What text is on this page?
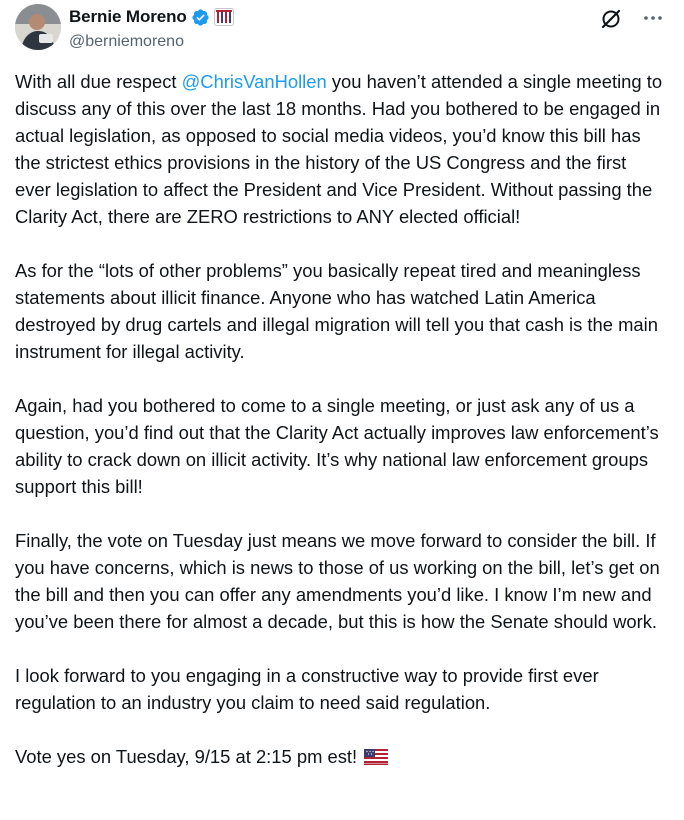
Bernie Moreno
@berniemoreno

With all due respect @ChrisVanHollen you haven’t attended a single meeting to discuss any of this over the last 18 months. Had you bothered to be engaged in actual legislation, as opposed to social media videos, you’d know this bill has the strictest ethics provisions in the history of the US Congress and the first ever legislation to affect the President and Vice President. Without passing the Clarity Act, there are ZERO restrictions to ANY elected official!

As for the “lots of other problems” you basically repeat tired and meaningless statements about illicit finance. Anyone who has watched Latin America destroyed by drug cartels and illegal migration will tell you that cash is the main instrument for illegal activity.

Again, had you bothered to come to a single meeting, or just ask any of us a question, you’d find out that the Clarity Act actually improves law enforcement’s ability to crack down on illicit activity. It’s why national law enforcement groups support this bill!

Finally, the vote on Tuesday just means we move forward to consider the bill. If you have concerns, which is news to those of us working on the bill, let’s get on the bill and then you can offer any amendments you’d like. I know I’m new and you’ve been there for almost a decade, but this is how the Senate should work.

I look forward to you engaging in a constructive way to provide first ever regulation to an industry you claim to need said regulation.

Vote yes on Tuesday, 9/15 at 2:15 pm est!
